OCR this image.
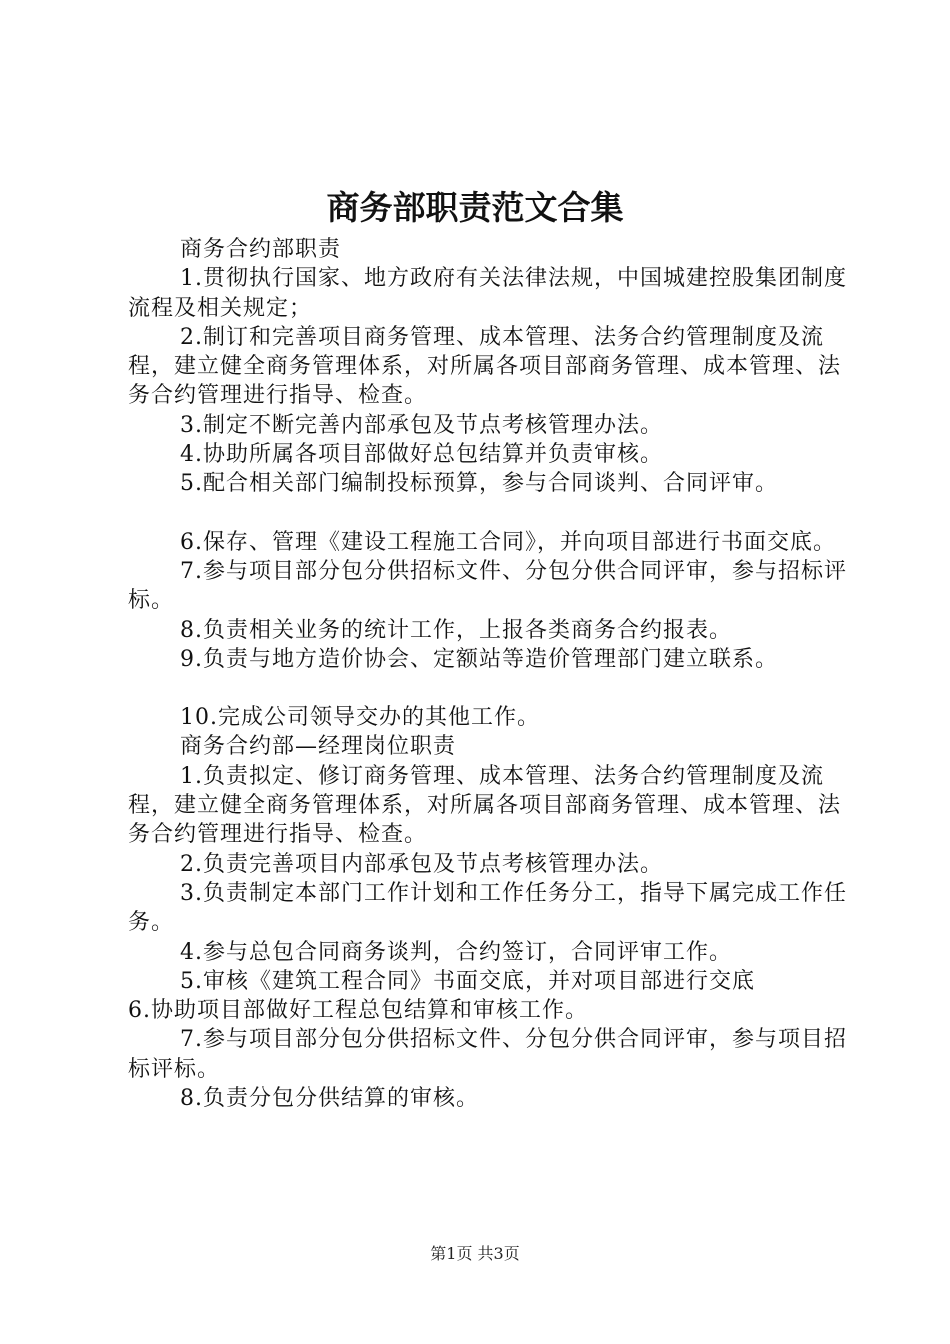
商务部职责范文合集

商务合约部职责

1.贯彻执行国家、地方政府有关法律法规，中国城建控股集团制度流程及相关规定；

2.制订和完善项目商务管理、成本管理、法务合约管理制度及流程，建立健全商务管理体系，对所属各项目部商务管理、成本管理、法务合约管理进行指导、检查。

3.制定不断完善内部承包及节点考核管理办法。

4.协助所属各项目部做好总包结算并负责审核。

5.配合相关部门编制投标预算，参与合同谈判、合同评审。

6.保存、管理《建设工程施工合同》，并向项目部进行书面交底。

7.参与项目部分包分供招标文件、分包分供合同评审，参与招标评标。

8.负责相关业务的统计工作，上报各类商务合约报表。

9.负责与地方造价协会、定额站等造价管理部门建立联系。

10.完成公司领导交办的其他工作。

商务合约部—经理岗位职责

1.负责拟定、修订商务管理、成本管理、法务合约管理制度及流程，建立健全商务管理体系，对所属各项目部商务管理、成本管理、法务合约管理进行指导、检查。

2.负责完善项目内部承包及节点考核管理办法。

3.负责制定本部门工作计划和工作任务分工，指导下属完成工作任务。

4.参与总包合同商务谈判，合约签订，合同评审工作。

5.审核《建筑工程合同》书面交底，并对项目部进行交底

6.协助项目部做好工程总包结算和审核工作。

7.参与项目部分包分供招标文件、分包分供合同评审，参与项目招标评标。

8.负责分包分供结算的审核。

第1页 共3页
